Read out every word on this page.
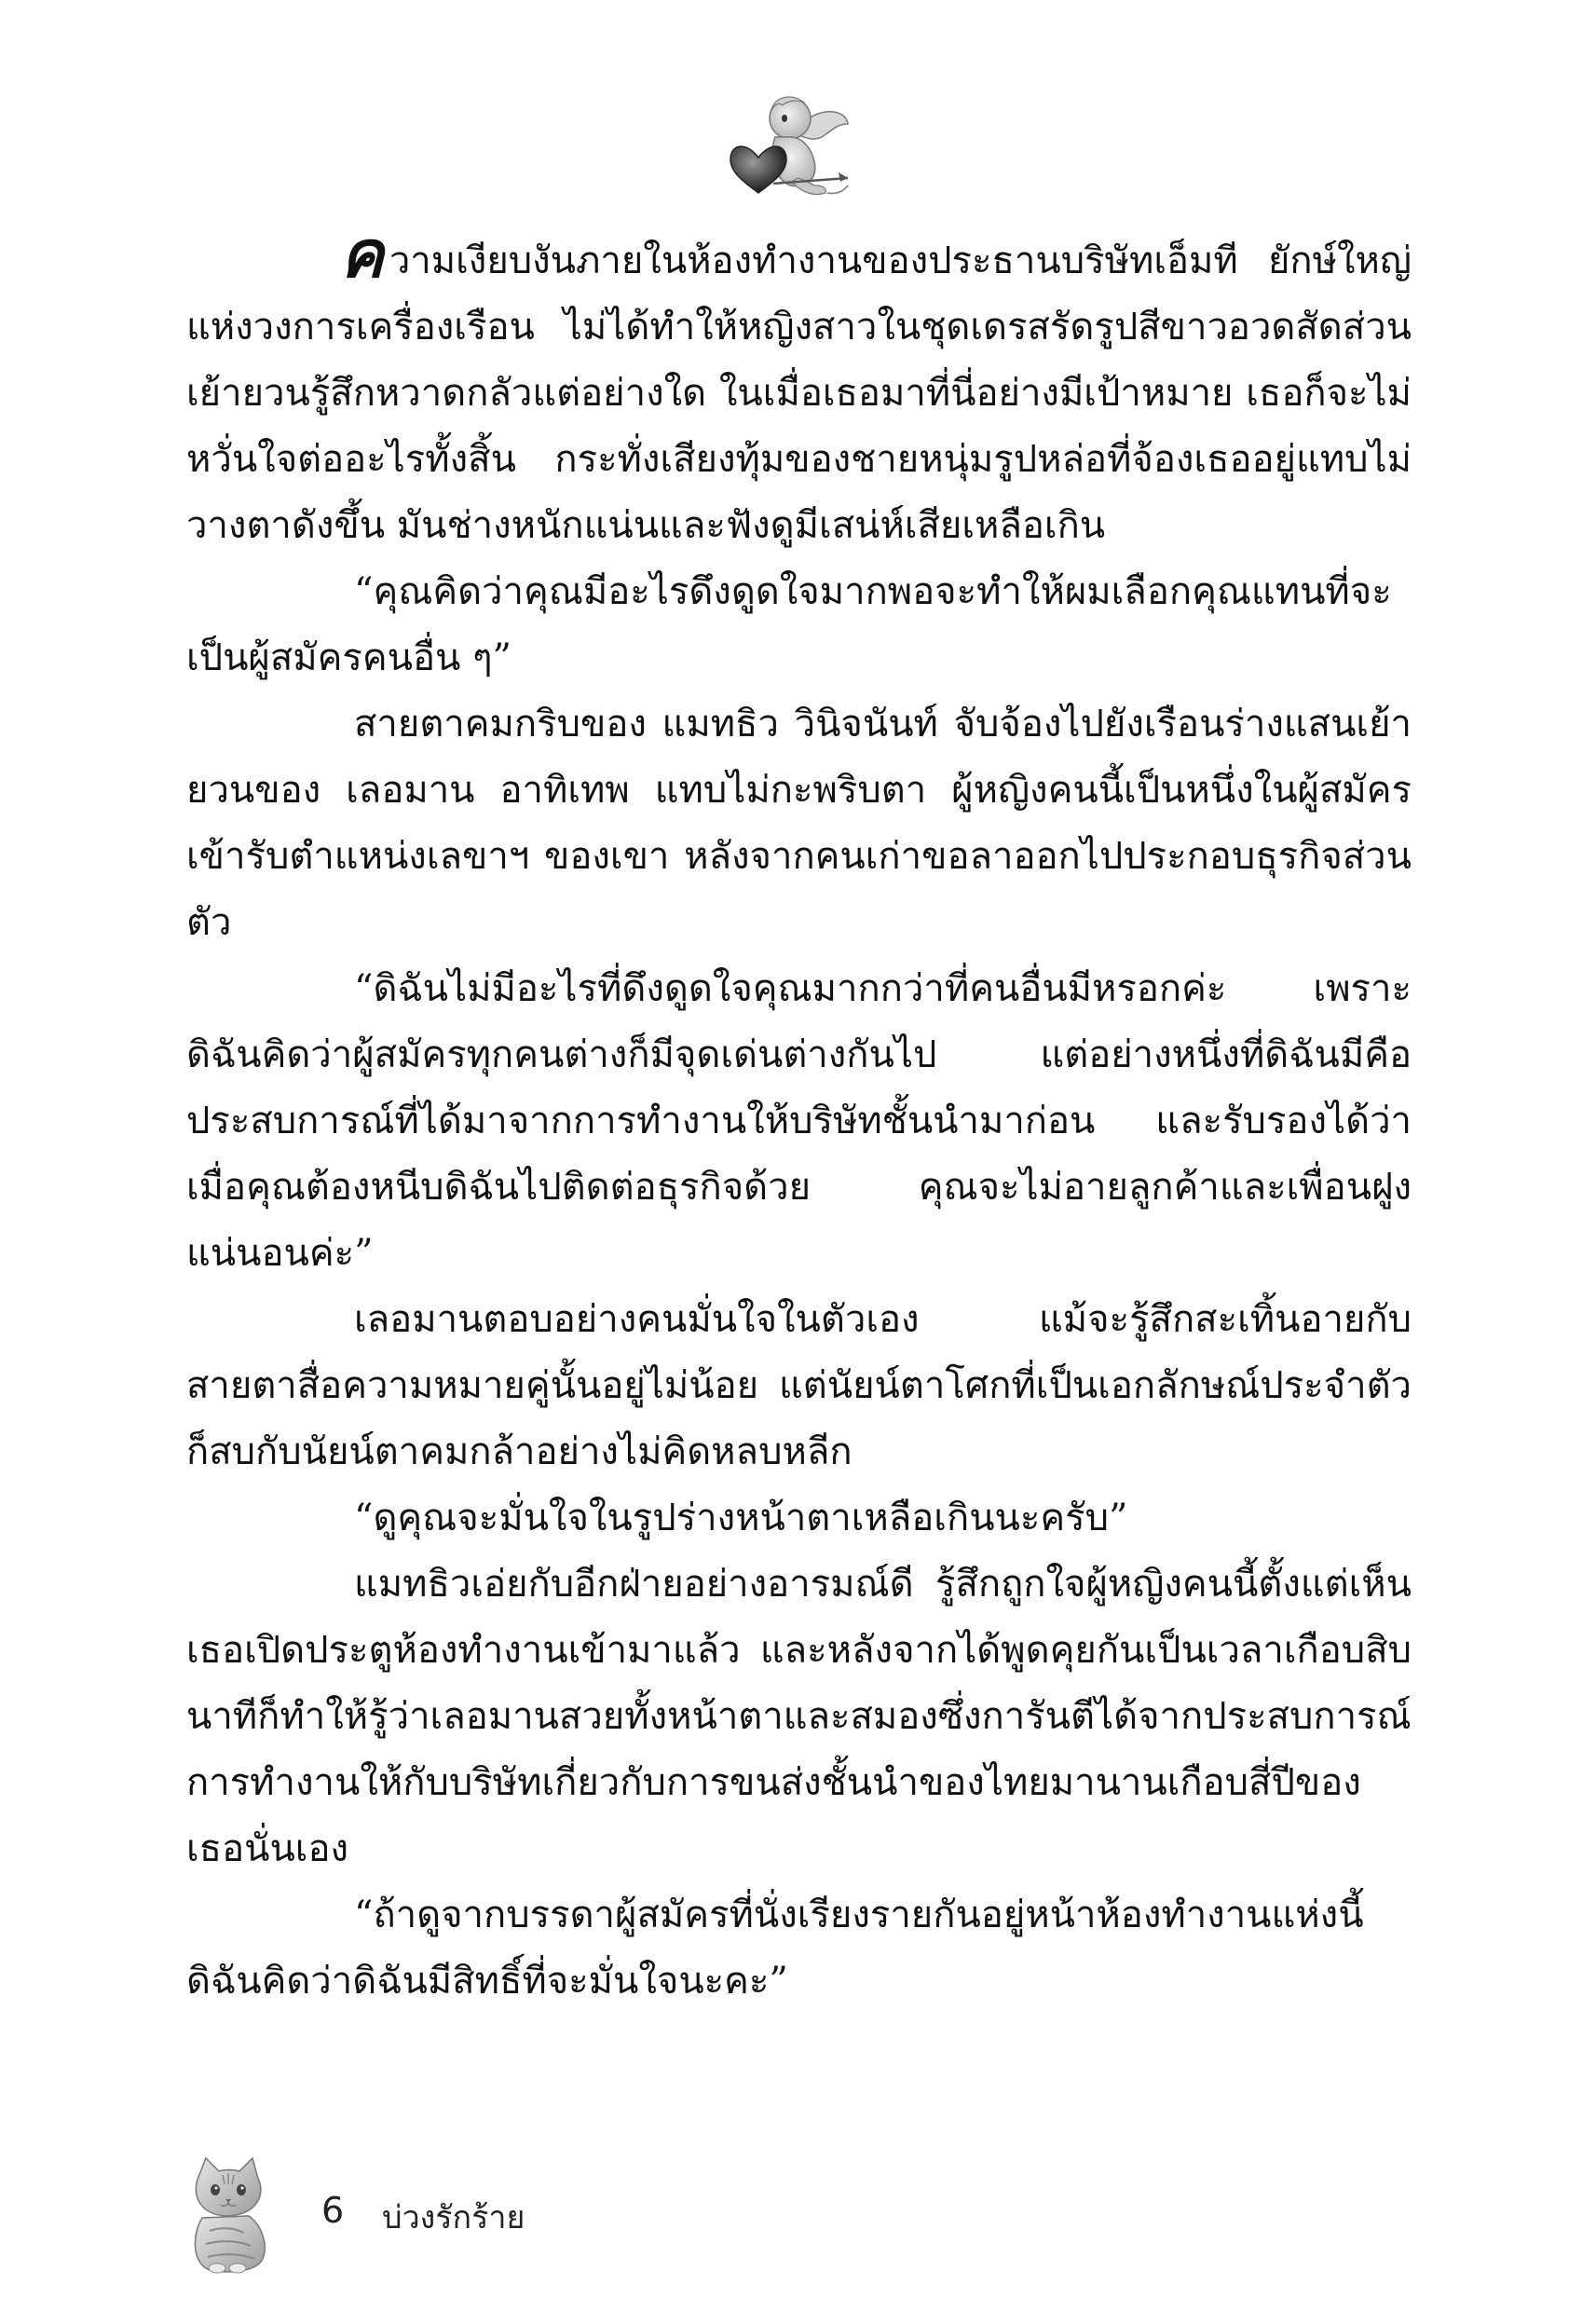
ความเงียบงันภายในห้องทำงานของประธานบริษัทเอ็มที ยักษ์ใหญ่แห่งวงการเครื่องเรือน ไม่ได้ทำให้หญิงสาวในชุดเดรสรัดรูปสีขาวอวดสัดส่วนเย้ายวนรู้สึกหวาดกลัวแต่อย่างใด ในเมื่อเธอมาที่นี่อย่างมีเป้าหมาย เธอก็จะไม่หวั่นใจต่ออะไรทั้งสิ้น กระทั่งเสียงทุ้มของชายหนุ่มรูปหล่อที่จ้องเธออยู่แทบไม่วางตาดังขึ้น มันช่างหนักแน่นและฟังดูมีเสน่ห์เสียเหลือเกิน

“คุณคิดว่าคุณมีอะไรดึงดูดใจมากพอจะทำให้ผมเลือกคุณแทนที่จะเป็นผู้สมัครคนอื่น ๆ”

สายตาคมกริบของ แมทธิว วินิจนันท์ จับจ้องไปยังเรือนร่างแสนเย้ายวนของ เลอมาน อาทิเทพ แทบไม่กะพริบตา ผู้หญิงคนนี้เป็นหนึ่งในผู้สมัครเข้ารับตำแหน่งเลขาฯ ของเขา หลังจากคนเก่าขอลาออกไปประกอบธุรกิจส่วนตัว

“ดิฉันไม่มีอะไรที่ดึงดูดใจคุณมากกว่าที่คนอื่นมีหรอกค่ะ เพราะดิฉันคิดว่าผู้สมัครทุกคนต่างก็มีจุดเด่นต่างกันไป แต่อย่างหนึ่งที่ดิฉันมีคือประสบการณ์ที่ได้มาจากการทำงานให้บริษัทชั้นนำมาก่อน และรับรองได้ว่าเมื่อคุณต้องหนีบดิฉันไปติดต่อธุรกิจด้วย คุณจะไม่อายลูกค้าและเพื่อนฝูงแน่นอนค่ะ”

เลอมานตอบอย่างคนมั่นใจในตัวเอง แม้จะรู้สึกสะเทิ้นอายกับสายตาสื่อความหมายคู่นั้นอยู่ไม่น้อย แต่นัยน์ตาโศกที่เป็นเอกลักษณ์ประจำตัวก็สบกับนัยน์ตาคมกล้าอย่างไม่คิดหลบหลีก

“ดูคุณจะมั่นใจในรูปร่างหน้าตาเหลือเกินนะครับ”

แมทธิวเอ่ยกับอีกฝ่ายอย่างอารมณ์ดี รู้สึกถูกใจผู้หญิงคนนี้ตั้งแต่เห็นเธอเปิดประตูห้องทำงานเข้ามาแล้ว และหลังจากได้พูดคุยกันเป็นเวลาเกือบสิบนาทีก็ทำให้รู้ว่าเลอมานสวยทั้งหน้าตาและสมองซึ่งการันตีได้จากประสบการณ์การทำงานให้กับบริษัทเกี่ยวกับการขนส่งชั้นนำของไทยมานานเกือบสี่ปีของเธอนั่นเอง

“ถ้าดูจากบรรดาผู้สมัครที่นั่งเรียงรายกันอยู่หน้าห้องทำงานแห่งนี้ ดิฉันคิดว่าดิฉันมีสิทธิ์ที่จะมั่นใจนะคะ”

6 บ่วงรักร้าย
